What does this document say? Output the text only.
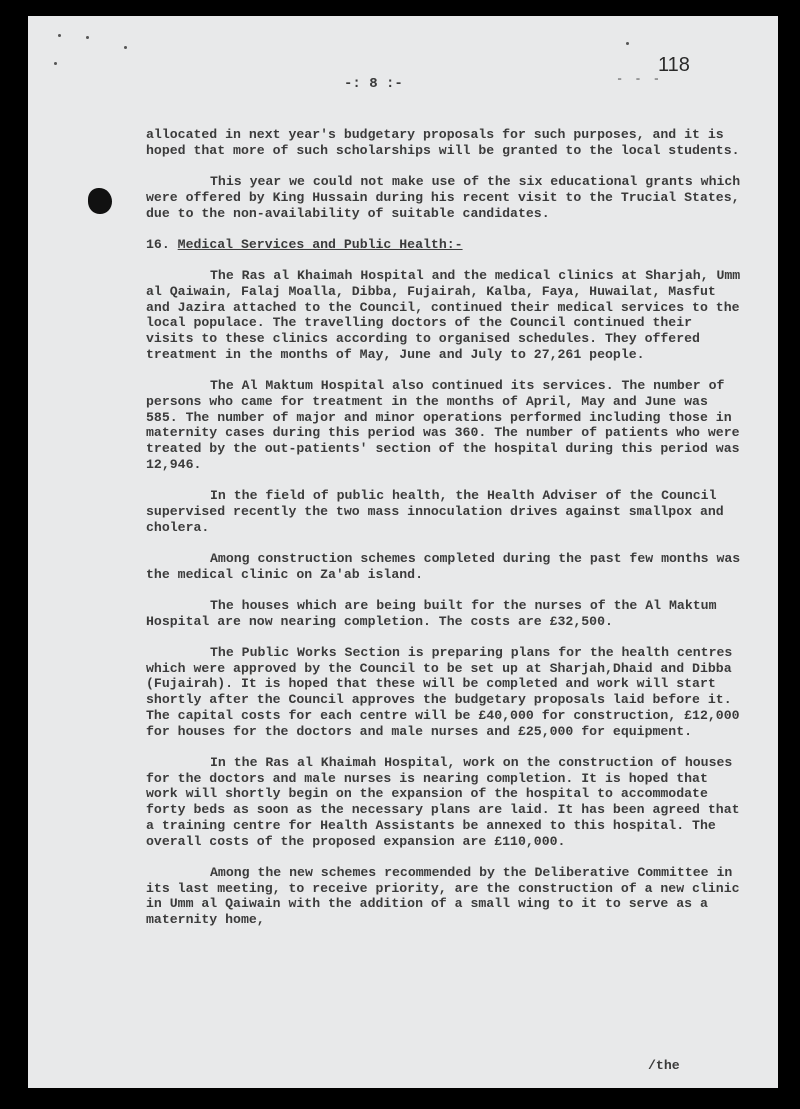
118
- - -
-: 8 :-

allocated in next year's budgetary proposals for such purposes, and it is hoped that more of such scholarships will be granted to the local students.

This year we could not make use of the six educational grants which were offered by King Hussain during his recent visit to the Trucial States, due to the non-availability of suitable candidates.

16. Medical Services and Public Health:-

The Ras al Khaimah Hospital and the medical clinics at Sharjah, Umm al Qaiwain, Falaj Moalla, Dibba, Fujairah, Kalba, Faya, Huwailat, Masfut and Jazira attached to the Council, continued their medical services to the local populace. The travelling doctors of the Council continued their visits to these clinics according to organised schedules. They offered treatment in the months of May, June and July to 27,261 people.

The Al Maktum Hospital also continued its services. The number of persons who came for treatment in the months of April, May and June was 585. The number of major and minor operations performed including those in maternity cases during this period was 360. The number of patients who were treated by the out-patients' section of the hospital during this period was 12,946.

In the field of public health, the Health Adviser of the Council supervised recently the two mass innoculation drives against smallpox and cholera.

Among construction schemes completed during the past few months was the medical clinic on Za'ab island.

The houses which are being built for the nurses of the Al Maktum Hospital are now nearing completion. The costs are £32,500.

The Public Works Section is preparing plans for the health centres which were approved by the Council to be set up at Sharjah,Dhaid and Dibba (Fujairah). It is hoped that these will be completed and work will start shortly after the Council approves the budgetary proposals laid before it. The capital costs for each centre will be £40,000 for construction, £12,000 for houses for the doctors and male nurses and £25,000 for equipment.

In the Ras al Khaimah Hospital, work on the construction of houses for the doctors and male nurses is nearing completion. It is hoped that work will shortly begin on the expansion of the hospital to accommodate forty beds as soon as the necessary plans are laid. It has been agreed that a training centre for Health Assistants be annexed to this hospital. The overall costs of the proposed expansion are £110,000.

Among the new schemes recommended by the Deliberative Committee in its last meeting, to receive priority, are the construction of a new clinic in Umm al Qaiwain with the addition of a small wing to it to serve as a maternity home,

/the
